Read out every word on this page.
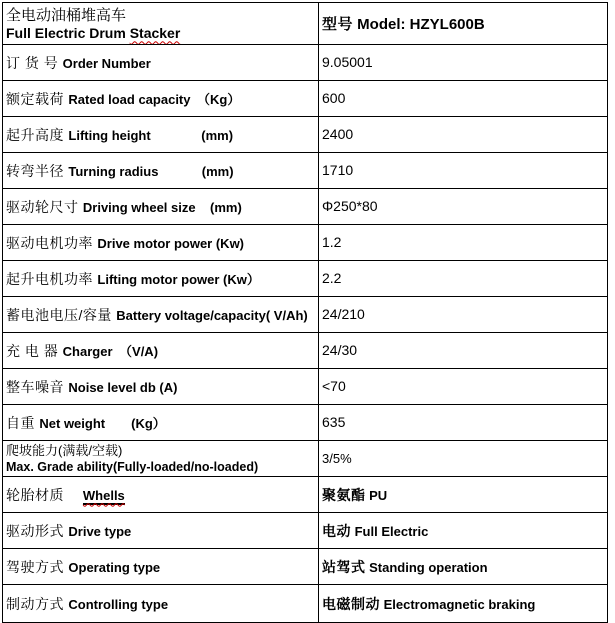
全电动油桶堆高车
Full Electric Drum Stacker	型号 Model: HZYL600B
订 货 号 Order Number	9.05001
额定载荷 Rated load capacity　（Kg）	600
起升高度 Lifting height              (mm)	2400
转弯半径 Turning radius            (mm)	1710
驱动轮尺寸 Driving wheel size    (mm)	Φ250*80
驱动电机功率 Drive motor power (Kw)	1.2
起升电机功率 Lifting motor power (Kw）	2.2
蓄电池电压/容量 Battery voltage/capacity( V/Ah)	24/210
充 电 器 Charger　（V/A)	24/30
整车噪音 Noise level db (A)	<70
自重 Net weight　　(Kg）	635

爬坡能力(满载/空载)
Max. Grade ability(Fully-loaded/no-loaded)	3/5%
轮胎材质　 Whells	聚氨酯 PU
驱动形式 Drive type	电动 Full Electric
驾驶方式 Operating type	站驾式 Standing operation
制动方式 Controlling type	电磁制动 Electromagnetic braking
